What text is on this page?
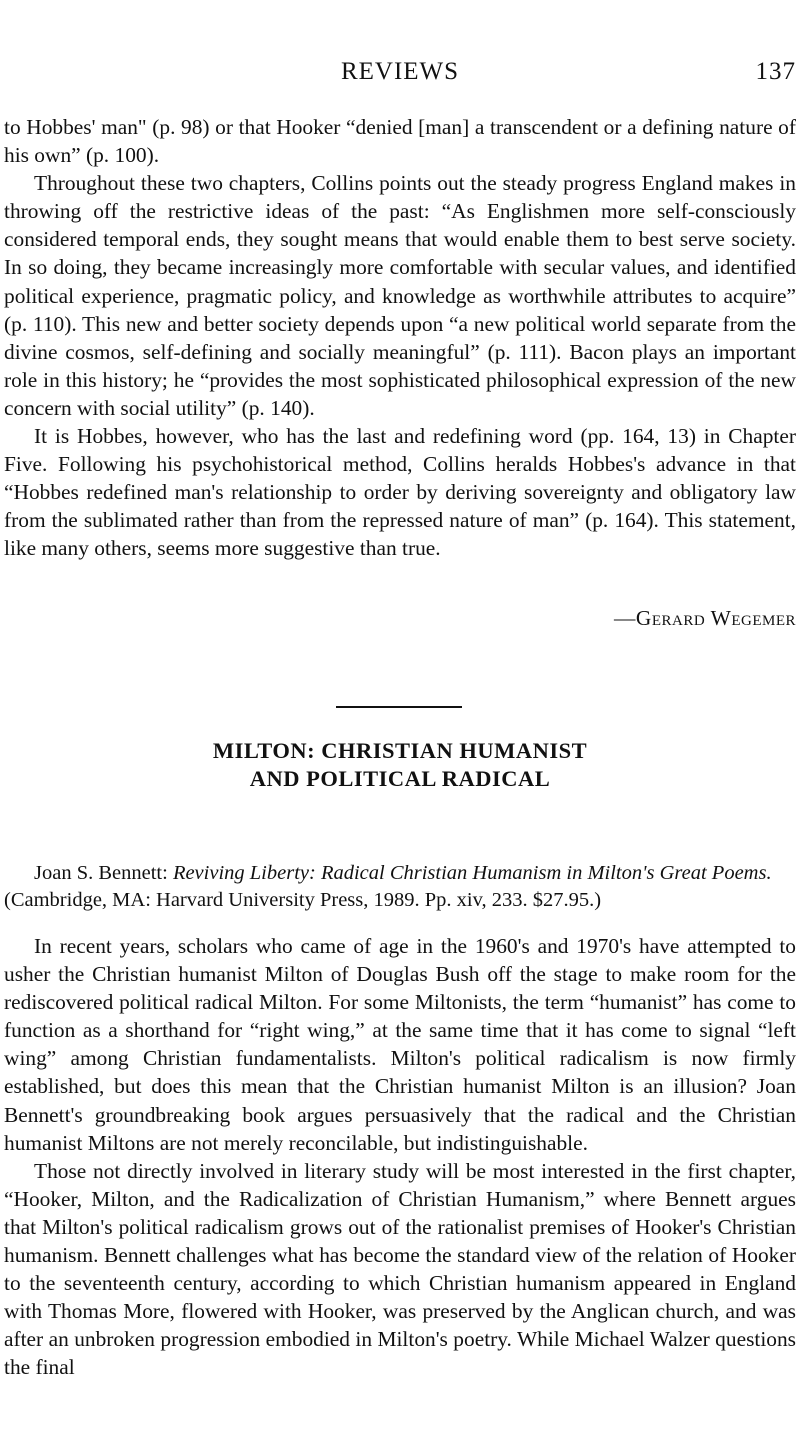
REVIEWS	137

to Hobbes' man" (p. 98) or that Hooker “denied [man] a transcendent or a defining nature of his own” (p. 100).

Throughout these two chapters, Collins points out the steady progress England makes in throwing off the restrictive ideas of the past: “As Englishmen more self-consciously considered temporal ends, they sought means that would enable them to best serve society. In so doing, they became increasingly more comfortable with secular values, and identified political experience, pragmatic policy, and knowledge as worthwhile attributes to acquire” (p. 110). This new and better society depends upon “a new political world separate from the divine cosmos, self-defining and socially meaningful” (p. 111). Bacon plays an important role in this history; he “provides the most sophisticated philosophical expression of the new concern with social utility” (p. 140).

It is Hobbes, however, who has the last and redefining word (pp. 164, 13) in Chapter Five. Following his psychohistorical method, Collins heralds Hobbes's advance in that “Hobbes redefined man's relationship to order by deriving sovereignty and obligatory law from the sublimated rather than from the repressed nature of man” (p. 164). This statement, like many others, seems more suggestive than true.

—Gerard Wegemer
MILTON: CHRISTIAN HUMANIST
AND POLITICAL RADICAL
Joan S. Bennett: Reviving Liberty: Radical Christian Humanism in Milton's Great Poems.
(Cambridge, MA: Harvard University Press, 1989. Pp. xiv, 233. $27.95.)

In recent years, scholars who came of age in the 1960's and 1970's have attempted to usher the Christian humanist Milton of Douglas Bush off the stage to make room for the rediscovered political radical Milton. For some Miltonists, the term “humanist” has come to function as a shorthand for “right wing,” at the same time that it has come to signal “left wing” among Christian fundamentalists. Milton's political radicalism is now firmly established, but does this mean that the Christian humanist Milton is an illusion? Joan Bennett's groundbreaking book argues persuasively that the radical and the Christian humanist Miltons are not merely reconcilable, but indistinguishable.

Those not directly involved in literary study will be most interested in the first chapter, “Hooker, Milton, and the Radicalization of Christian Humanism,” where Bennett argues that Milton's political radicalism grows out of the rationalist premises of Hooker's Christian humanism. Bennett challenges what has become the standard view of the relation of Hooker to the seventeenth century, according to which Christian humanism appeared in England with Thomas More, flowered with Hooker, was preserved by the Anglican church, and was after an unbroken progression embodied in Milton's poetry. While Michael Walzer questions the final
